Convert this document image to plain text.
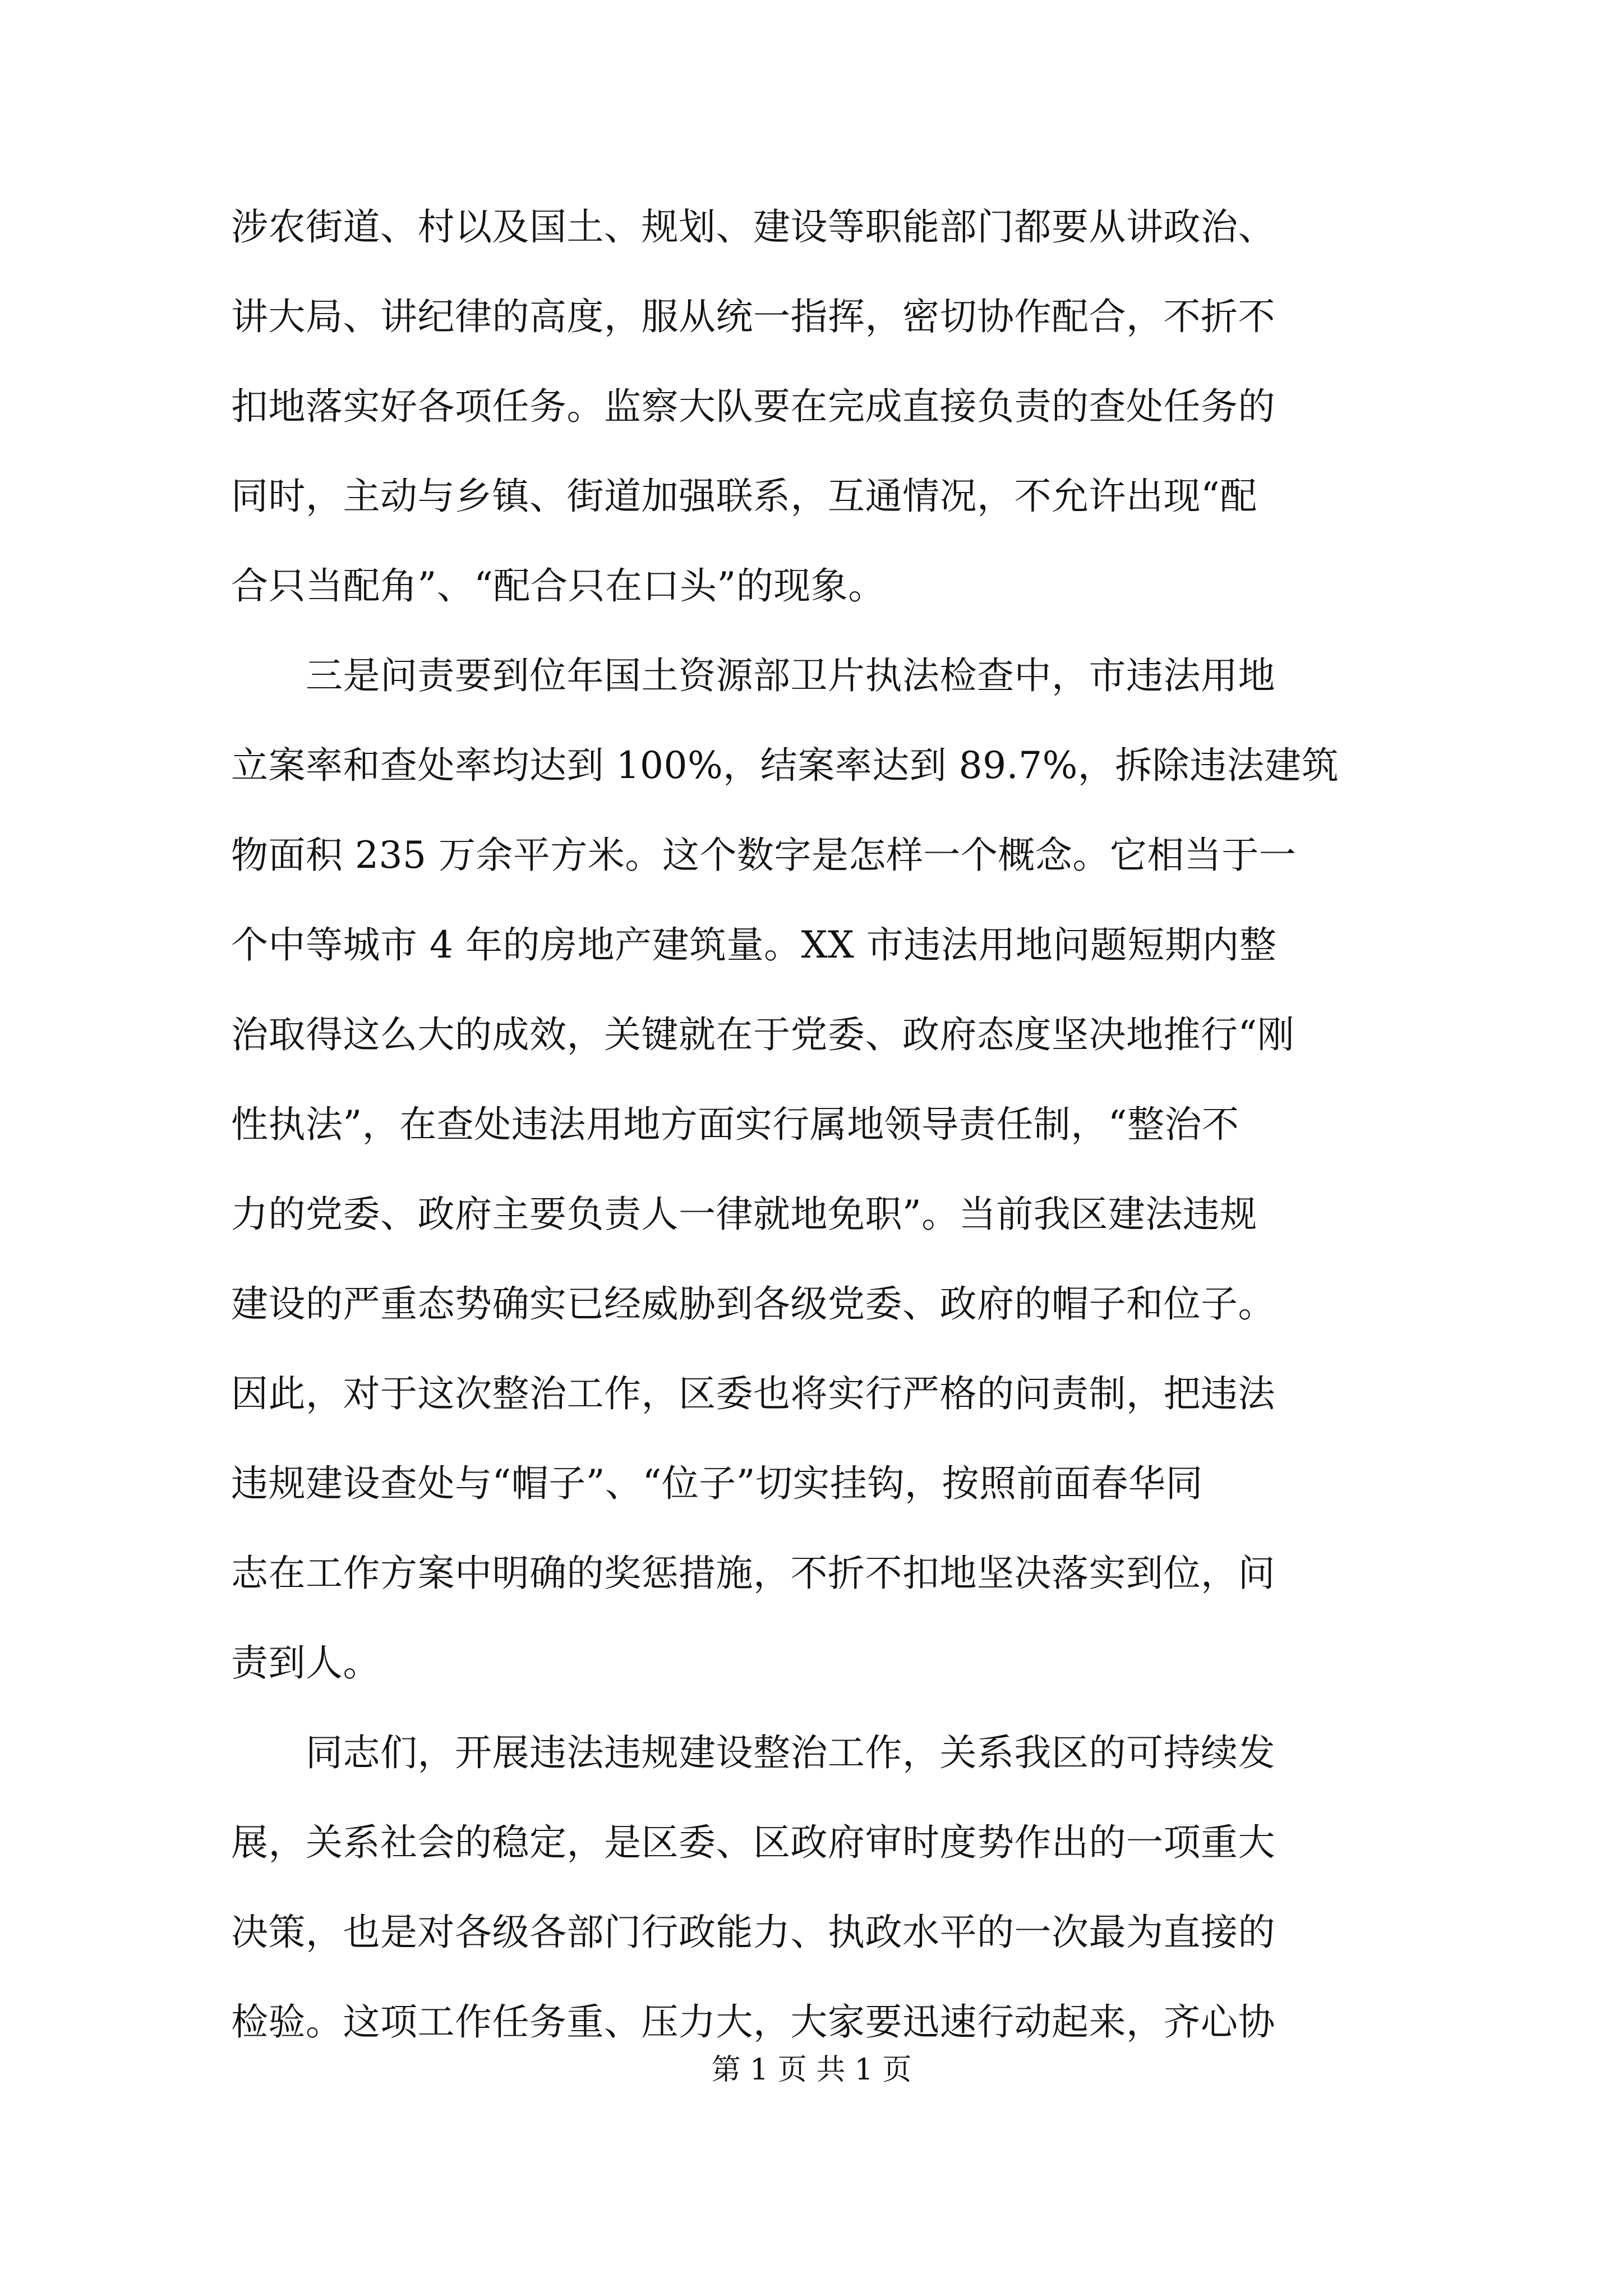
涉农街道、村以及国土、规划、建设等职能部门都要从讲政治、
讲大局、讲纪律的高度，服从统一指挥，密切协作配合，不折不
扣地落实好各项任务。监察大队要在完成直接负责的查处任务的
同时，主动与乡镇、街道加强联系，互通情况，不允许出现“配
合只当配角”、“配合只在口头”的现象。
　　三是问责要到位年国土资源部卫片执法检查中，市违法用地
立案率和查处率均达到 100%，结案率达到 89.7%，拆除违法建筑
物面积 235 万余平方米。这个数字是怎样一个概念。它相当于一
个中等城市 4 年的房地产建筑量。XX 市违法用地问题短期内整
治取得这么大的成效，关键就在于党委、政府态度坚决地推行“刚
性执法”，在查处违法用地方面实行属地领导责任制，“整治不
力的党委、政府主要负责人一律就地免职”。当前我区建法违规
建设的严重态势确实已经威胁到各级党委、政府的帽子和位子。
因此，对于这次整治工作，区委也将实行严格的问责制，把违法
违规建设查处与“帽子”、“位子”切实挂钩，按照前面春华同
志在工作方案中明确的奖惩措施，不折不扣地坚决落实到位，问
责到人。
　　同志们，开展违法违规建设整治工作，关系我区的可持续发
展，关系社会的稳定，是区委、区政府审时度势作出的一项重大
决策，也是对各级各部门行政能力、执政水平的一次最为直接的
检验。这项工作任务重、压力大，大家要迅速行动起来，齐心协
第 1 页 共 1 页
